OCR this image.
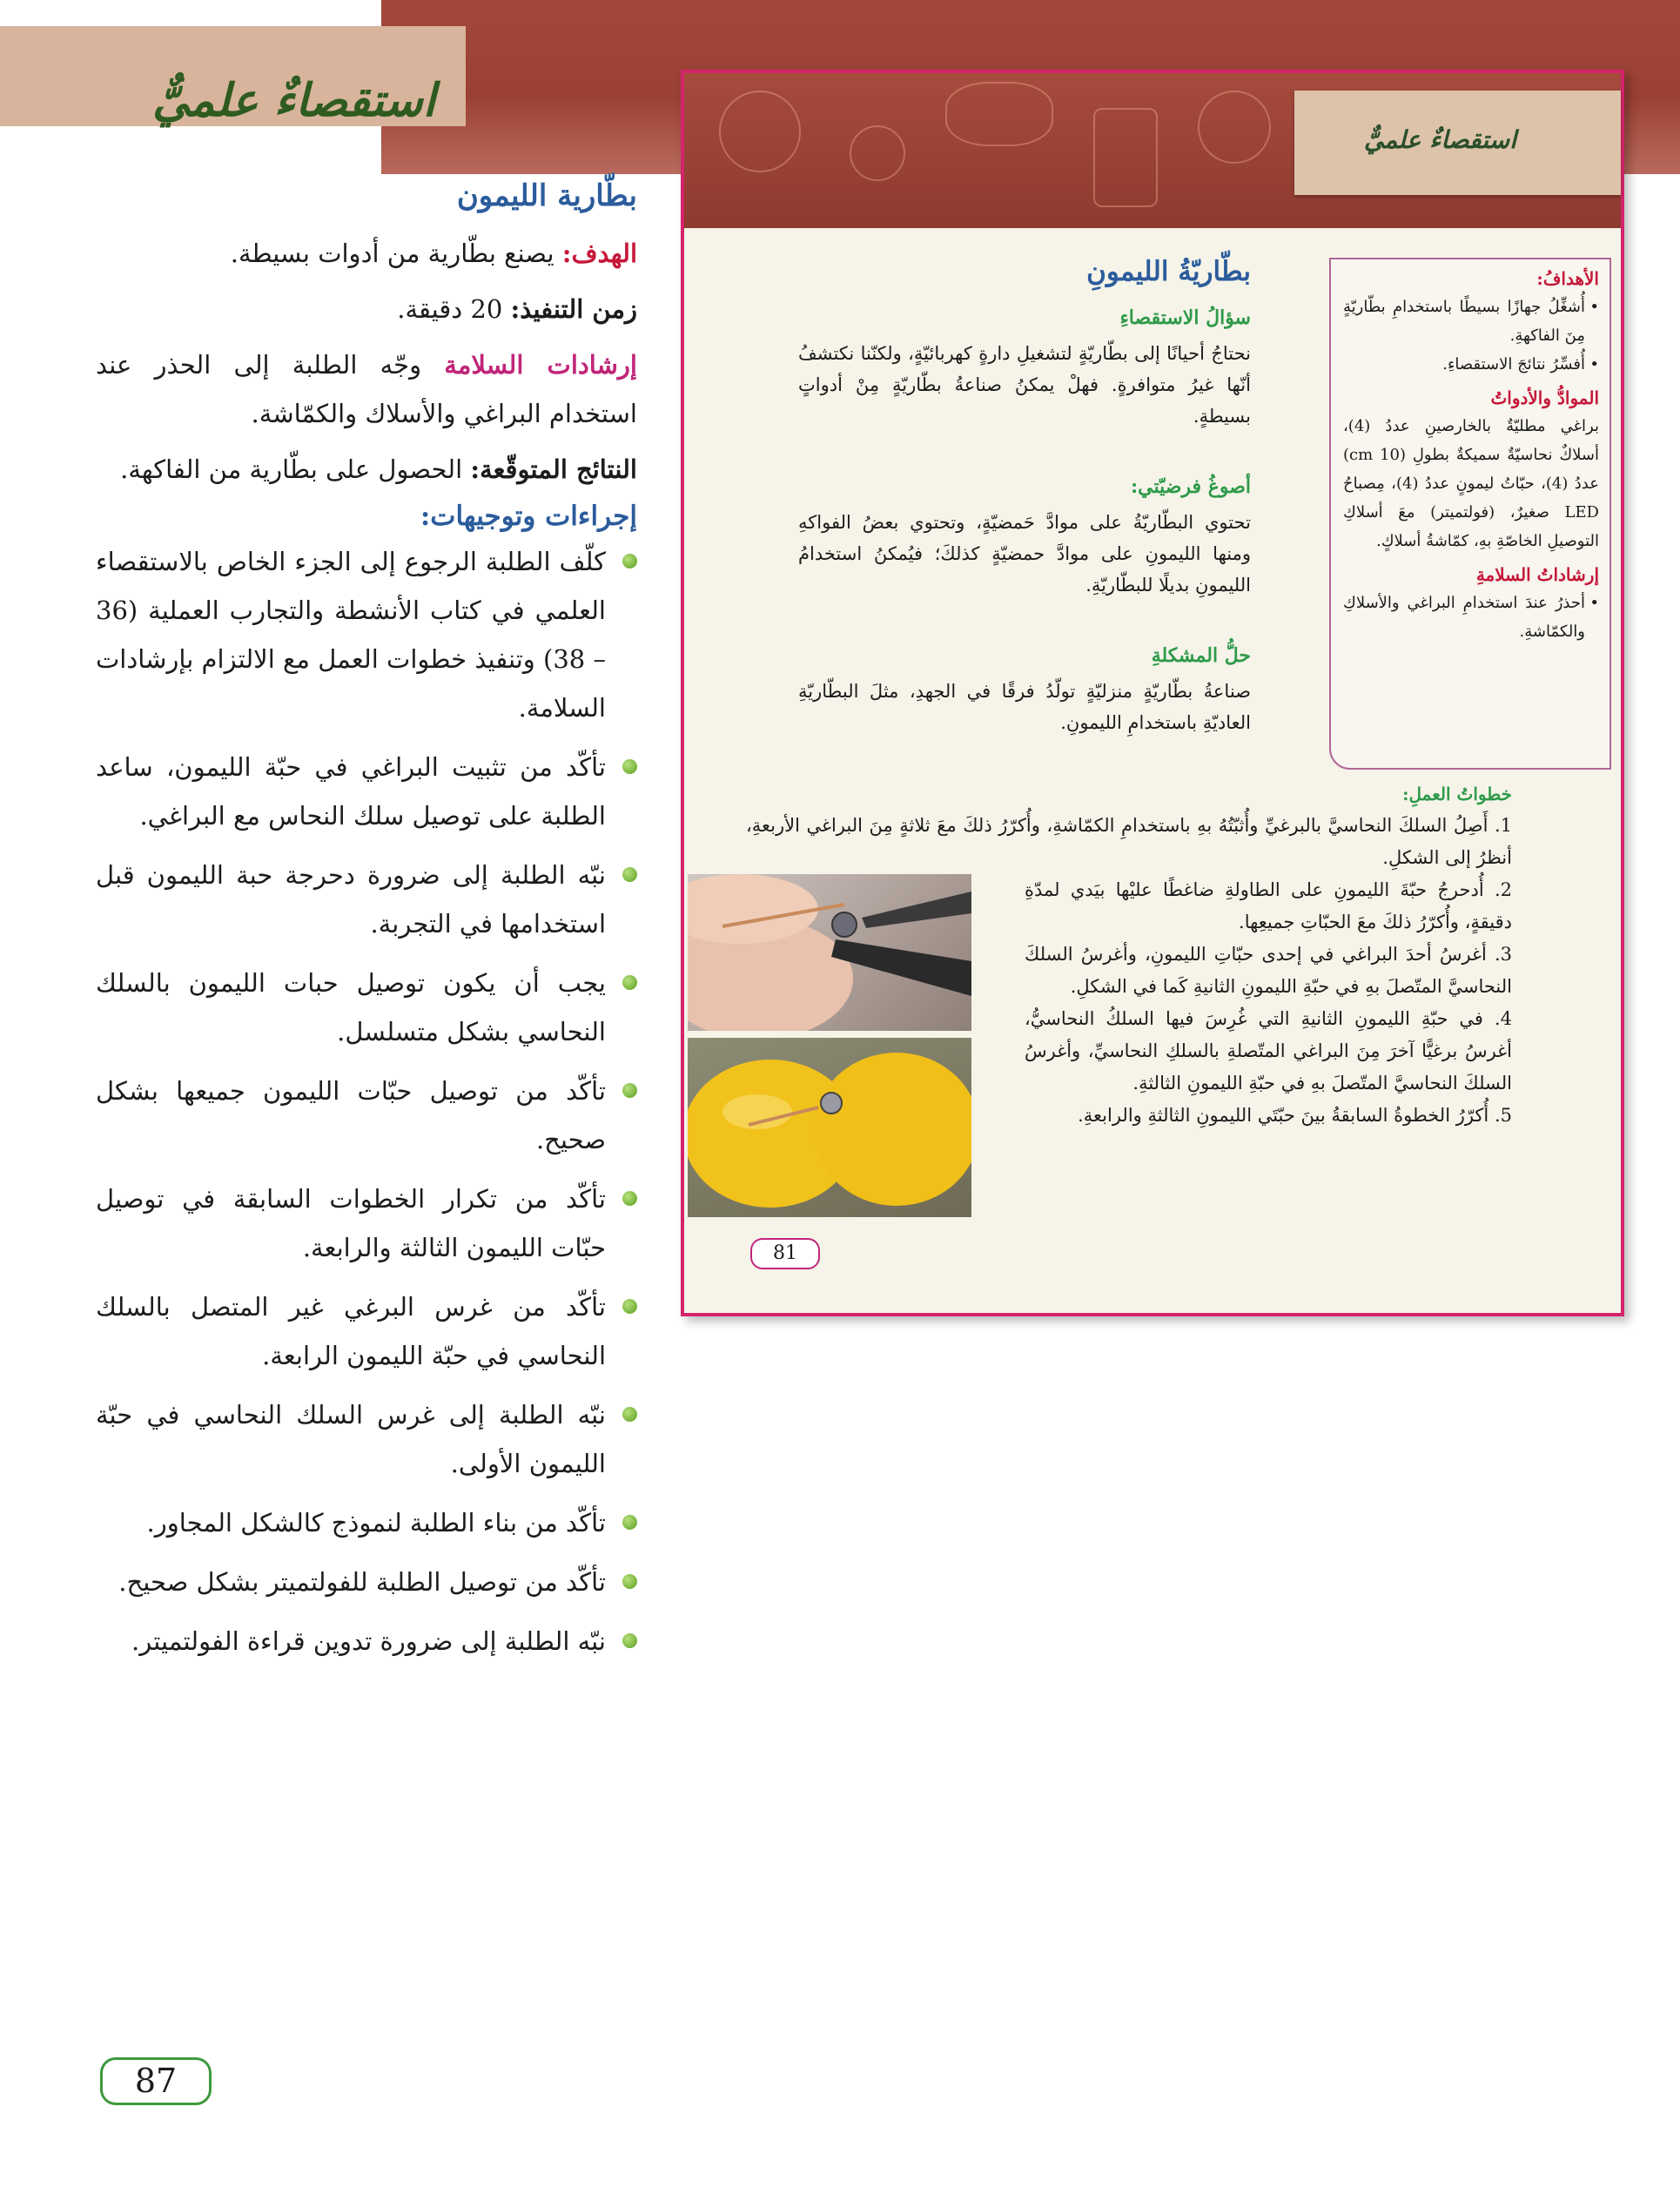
استقصاءٌ علميٌّ
بطّارية الليمون

الهدف: يصنع بطّارية من أدوات بسيطة.

زمن التنفيذ: 20 دقيقة.

إرشادات السلامة وجّه الطلبة إلى الحذر عند استخدام البراغي والأسلاك والكمّاشة.

النتائج المتوقّعة: الحصول على بطّارية من الفاكهة.

إجراءات وتوجيهات:
كلّف الطلبة الرجوع إلى الجزء الخاص بالاستقصاء العلمي في كتاب الأنشطة والتجارب العملية (36 – 38) وتنفيذ خطوات العمل مع الالتزام بإرشادات السلامة.
تأكّد من تثبيت البراغي في حبّة الليمون، ساعد الطلبة على توصيل سلك النحاس مع البراغي.
نبّه الطلبة إلى ضرورة دحرجة حبة الليمون قبل استخدامها في التجربة.
يجب أن يكون توصيل حبات الليمون بالسلك النحاسي بشكل متسلسل.
تأكّد من توصيل حبّات الليمون جميعها بشكل صحيح.
تأكّد من تكرار الخطوات السابقة في توصيل حبّات الليمون الثالثة والرابعة.
تأكّد من غرس البرغي غير المتصل بالسلك النحاسي في حبّة الليمون الرابعة.
نبّه الطلبة إلى غرس السلك النحاسي في حبّة الليمون الأولى.
تأكّد من بناء الطلبة لنموذج كالشكل المجاور.
تأكّد من توصيل الطلبة للفولتميتر بشكل صحيح.
نبّه الطلبة إلى ضرورة تدوين قراءة الفولتميتر.
استقصاءٌ علميٌّ
بطّاريّةُ الليمونِ
سؤالُ الاستقصاءِ
نحتاجُ أحيانًا إلى بطّاريّةٍ لتشغيلِ دارةٍ كهربائيّةٍ، ولكنّنا نكتشفُ أنّها غيرُ متوافرةٍ. فهلْ يمكنُ صناعةُ بطّاريّةٍ مِنْ أدواتٍ بسيطةٍ.
أصوغُ فرضيّتي:
تحتوي البطّاريّةُ على موادَّ حَمضيّةٍ، وتحتوي بعضُ الفواكهِ ومنها الليمونِ على موادَّ حمضيّةٍ كذلكَ؛ فيُمكنُ استخدامُ الليمونِ بديلًا للبطّاريّةِ.
حلُّ المشكلةِ
صناعةُ بطّاريّةٍ منزليّةٍ تولّدُ فرقًا في الجهدِ، مثلَ البطّاريّةِ العاديّةِ باستخدامِ الليمونِ.
الأهدافُ:
• أُشغِّلُ جهازًا بسيطًا باستخدامِ بطّاريّةٍ مِنَ الفاكهةِ.
• أُفسِّرُ نتائجَ الاستقصاءِ.
الموادُّ والأدواتُ
براغي مطليّةٌ بالخارصينِ عددُ (4)، أسلاكٌ نحاسيّةٌ سميكةٌ بطولِ (10 cm) عددُ (4)، حبّاتُ ليمونٍ عددُ (4)، مِصباحُ LED صغيرٌ، (فولتميتر) معَ أسلاكِ التوصيلِ الخاصّةِ بهِ، كمّاشةُ أسلاكٍ.
إرشاداتُ السلامةِ
• أحذرُ عندَ استخدامِ البراغي والأسلاكِ والكمّاشةِ.
خطواتُ العملِ:
1. أَصِلُ السلكَ النحاسيَّ بالبرغيِّ وأُثبّتُهُ بهِ باستخدامِ الكمّاشةِ، وأُكرّرُ ذلكَ معَ ثلاثةٍ مِنَ البراغي الأربعةِ، أنظرُ إلى الشكلِ.
2. أُدحرجُ حبّةَ الليمونِ على الطاولةِ ضاغطًا عليْها بيَدي لمدّةِ دقيقةٍ، وأُكرّرُ ذلكَ معَ الحبّاتِ جميعِها.
3. أغرسُ أحدَ البراغي في إحدى حبّاتِ الليمونِ، وأغرسُ السلكَ النحاسيَّ المتّصلَ بهِ في حبّةِ الليمونِ الثانيةِ كَما في الشكلِ.
4. في حبّةِ الليمونِ الثانيةِ التي غُرِسَ فيها السلكُ النحاسيُّ، أغرسُ برغيًّا آخرَ مِنَ البراغي المتّصلةِ بالسلكِ النحاسيِّ، وأغرسُ السلكَ النحاسيَّ المتّصلَ بهِ في حبّةِ الليمونِ الثالثةِ.
5. أُكرّرُ الخطوةُ السابقةُ بينَ حبّتَي الليمونِ الثالثةِ والرابعةِ.
81
87
